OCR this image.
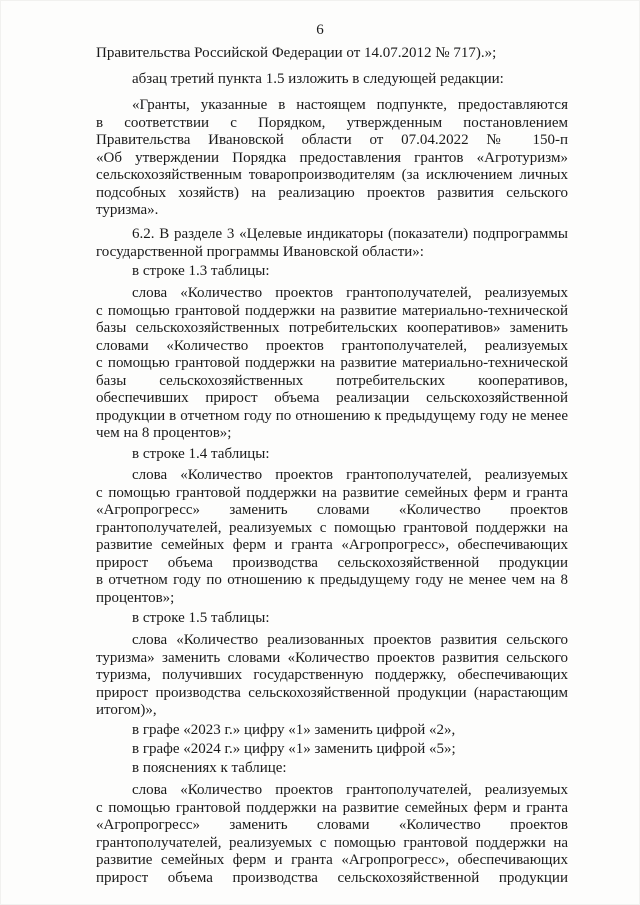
6
Правительства Российской Федерации от 14.07.2012 № 717).»;
абзац третий пункта 1.5 изложить в следующей редакции:
«Гранты, указанные в настоящем подпункте, предоставляются
в соответствии с Порядком, утвержденным постановлением
Правительства Ивановской области от 07.04.2022 № 150-п
«Об утверждении Порядка предоставления грантов «Агротуризм»
сельскохозяйственным товаропроизводителям (за исключением личных
подсобных хозяйств) на реализацию проектов развития сельского
туризма».
6.2. В разделе 3 «Целевые индикаторы (показатели) подпрограммы
государственной программы Ивановской области»:
в строке 1.3 таблицы:
слова «Количество проектов грантополучателей, реализуемых
с помощью грантовой поддержки на развитие материально-технической
базы сельскохозяйственных потребительских кооперативов» заменить
словами «Количество проектов грантополучателей, реализуемых
с помощью грантовой поддержки на развитие материально-технической
базы сельскохозяйственных потребительских кооперативов,
обеспечивших прирост объема реализации сельскохозяйственной
продукции в отчетном году по отношению к предыдущему году не менее
чем на 8 процентов»;
в строке 1.4 таблицы:
слова «Количество проектов грантополучателей, реализуемых
с помощью грантовой поддержки на развитие семейных ферм и гранта
«Агропрогресс» заменить словами «Количество проектов
грантополучателей, реализуемых с помощью грантовой поддержки на
развитие семейных ферм и гранта «Агропрогресс», обеспечивающих
прирост объема производства сельскохозяйственной продукции
в отчетном году по отношению к предыдущему году не менее чем на 8
процентов»;
в строке 1.5 таблицы:
слова «Количество реализованных проектов развития сельского
туризма» заменить словами «Количество проектов развития сельского
туризма, получивших государственную поддержку, обеспечивающих
прирост производства сельскохозяйственной продукции (нарастающим
итогом)»,
в графе «2023 г.» цифру «1» заменить цифрой «2»,
в графе «2024 г.» цифру «1» заменить цифрой «5»;
в пояснениях к таблице:
слова «Количество проектов грантополучателей, реализуемых
с помощью грантовой поддержки на развитие семейных ферм и гранта
«Агропрогресс» заменить словами «Количество проектов
грантополучателей, реализуемых с помощью грантовой поддержки на
развитие семейных ферм и гранта «Агропрогресс», обеспечивающих
прирост объема производства сельскохозяйственной продукции
